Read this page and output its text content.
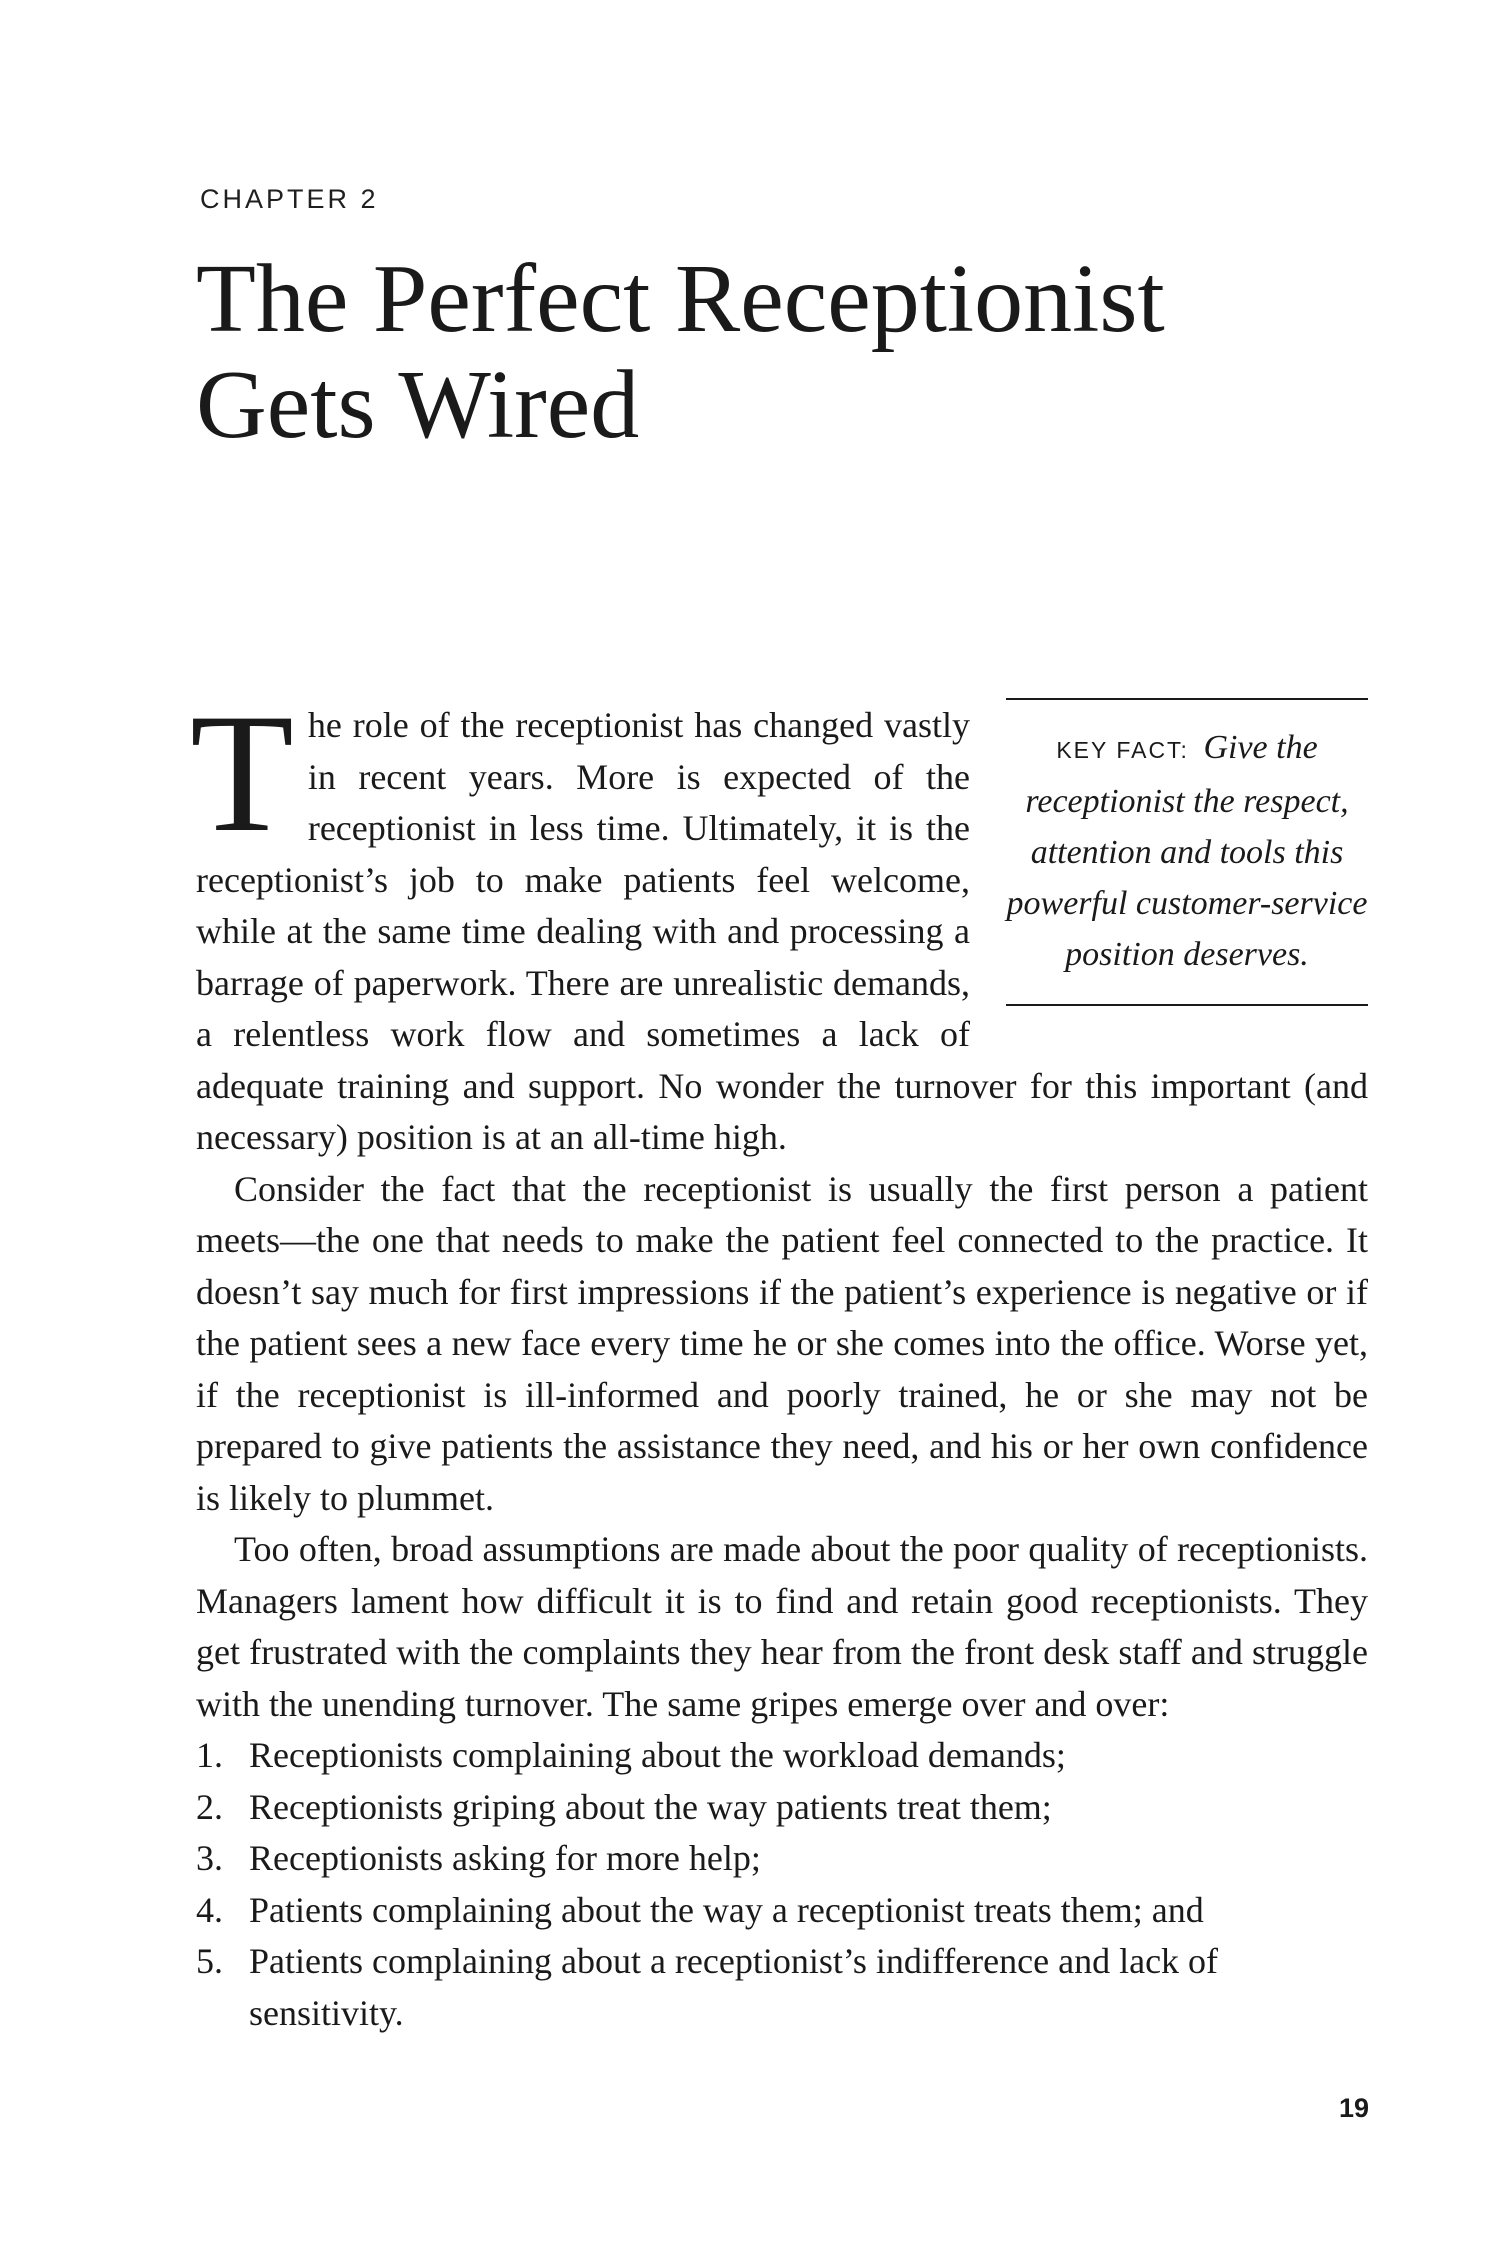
CHAPTER 2
The Perfect Receptionist
Gets Wired
KEY FACT: Give the receptionist the respect, attention and tools this powerful customer-service position deserves.

T he role of the receptionist has changed vastly in recent years. More is expected of the receptionist in less time. Ultimately, it is the receptionist’s job to make patients feel welcome, while at the same time dealing with and processing a barrage of paperwork. There are unrealistic demands, a relentless work flow and sometimes a lack of adequate training and support. No wonder the turnover for this important (and necessary) position is at an all-time high.

Consider the fact that the receptionist is usually the first person a patient meets—the one that needs to make the patient feel connected to the practice. It doesn’t say much for first impressions if the patient’s experience is negative or if the patient sees a new face every time he or she comes into the office. Worse yet, if the receptionist is ill-informed and poorly trained, he or she may not be prepared to give patients the assistance they need, and his or her own confidence is likely to plummet.

Too often, broad assumptions are made about the poor quality of receptionists. Managers lament how difficult it is to find and retain good receptionists. They get frustrated with the complaints they hear from the front desk staff and struggle with the unending turnover. The same gripes emerge over and over:

1. Receptionists complaining about the workload demands;
2. Receptionists griping about the way patients treat them;
3. Receptionists asking for more help;
4. Patients complaining about the way a receptionist treats them; and
5. Patients complaining about a receptionist’s indifference and lack of sensitivity.
19
